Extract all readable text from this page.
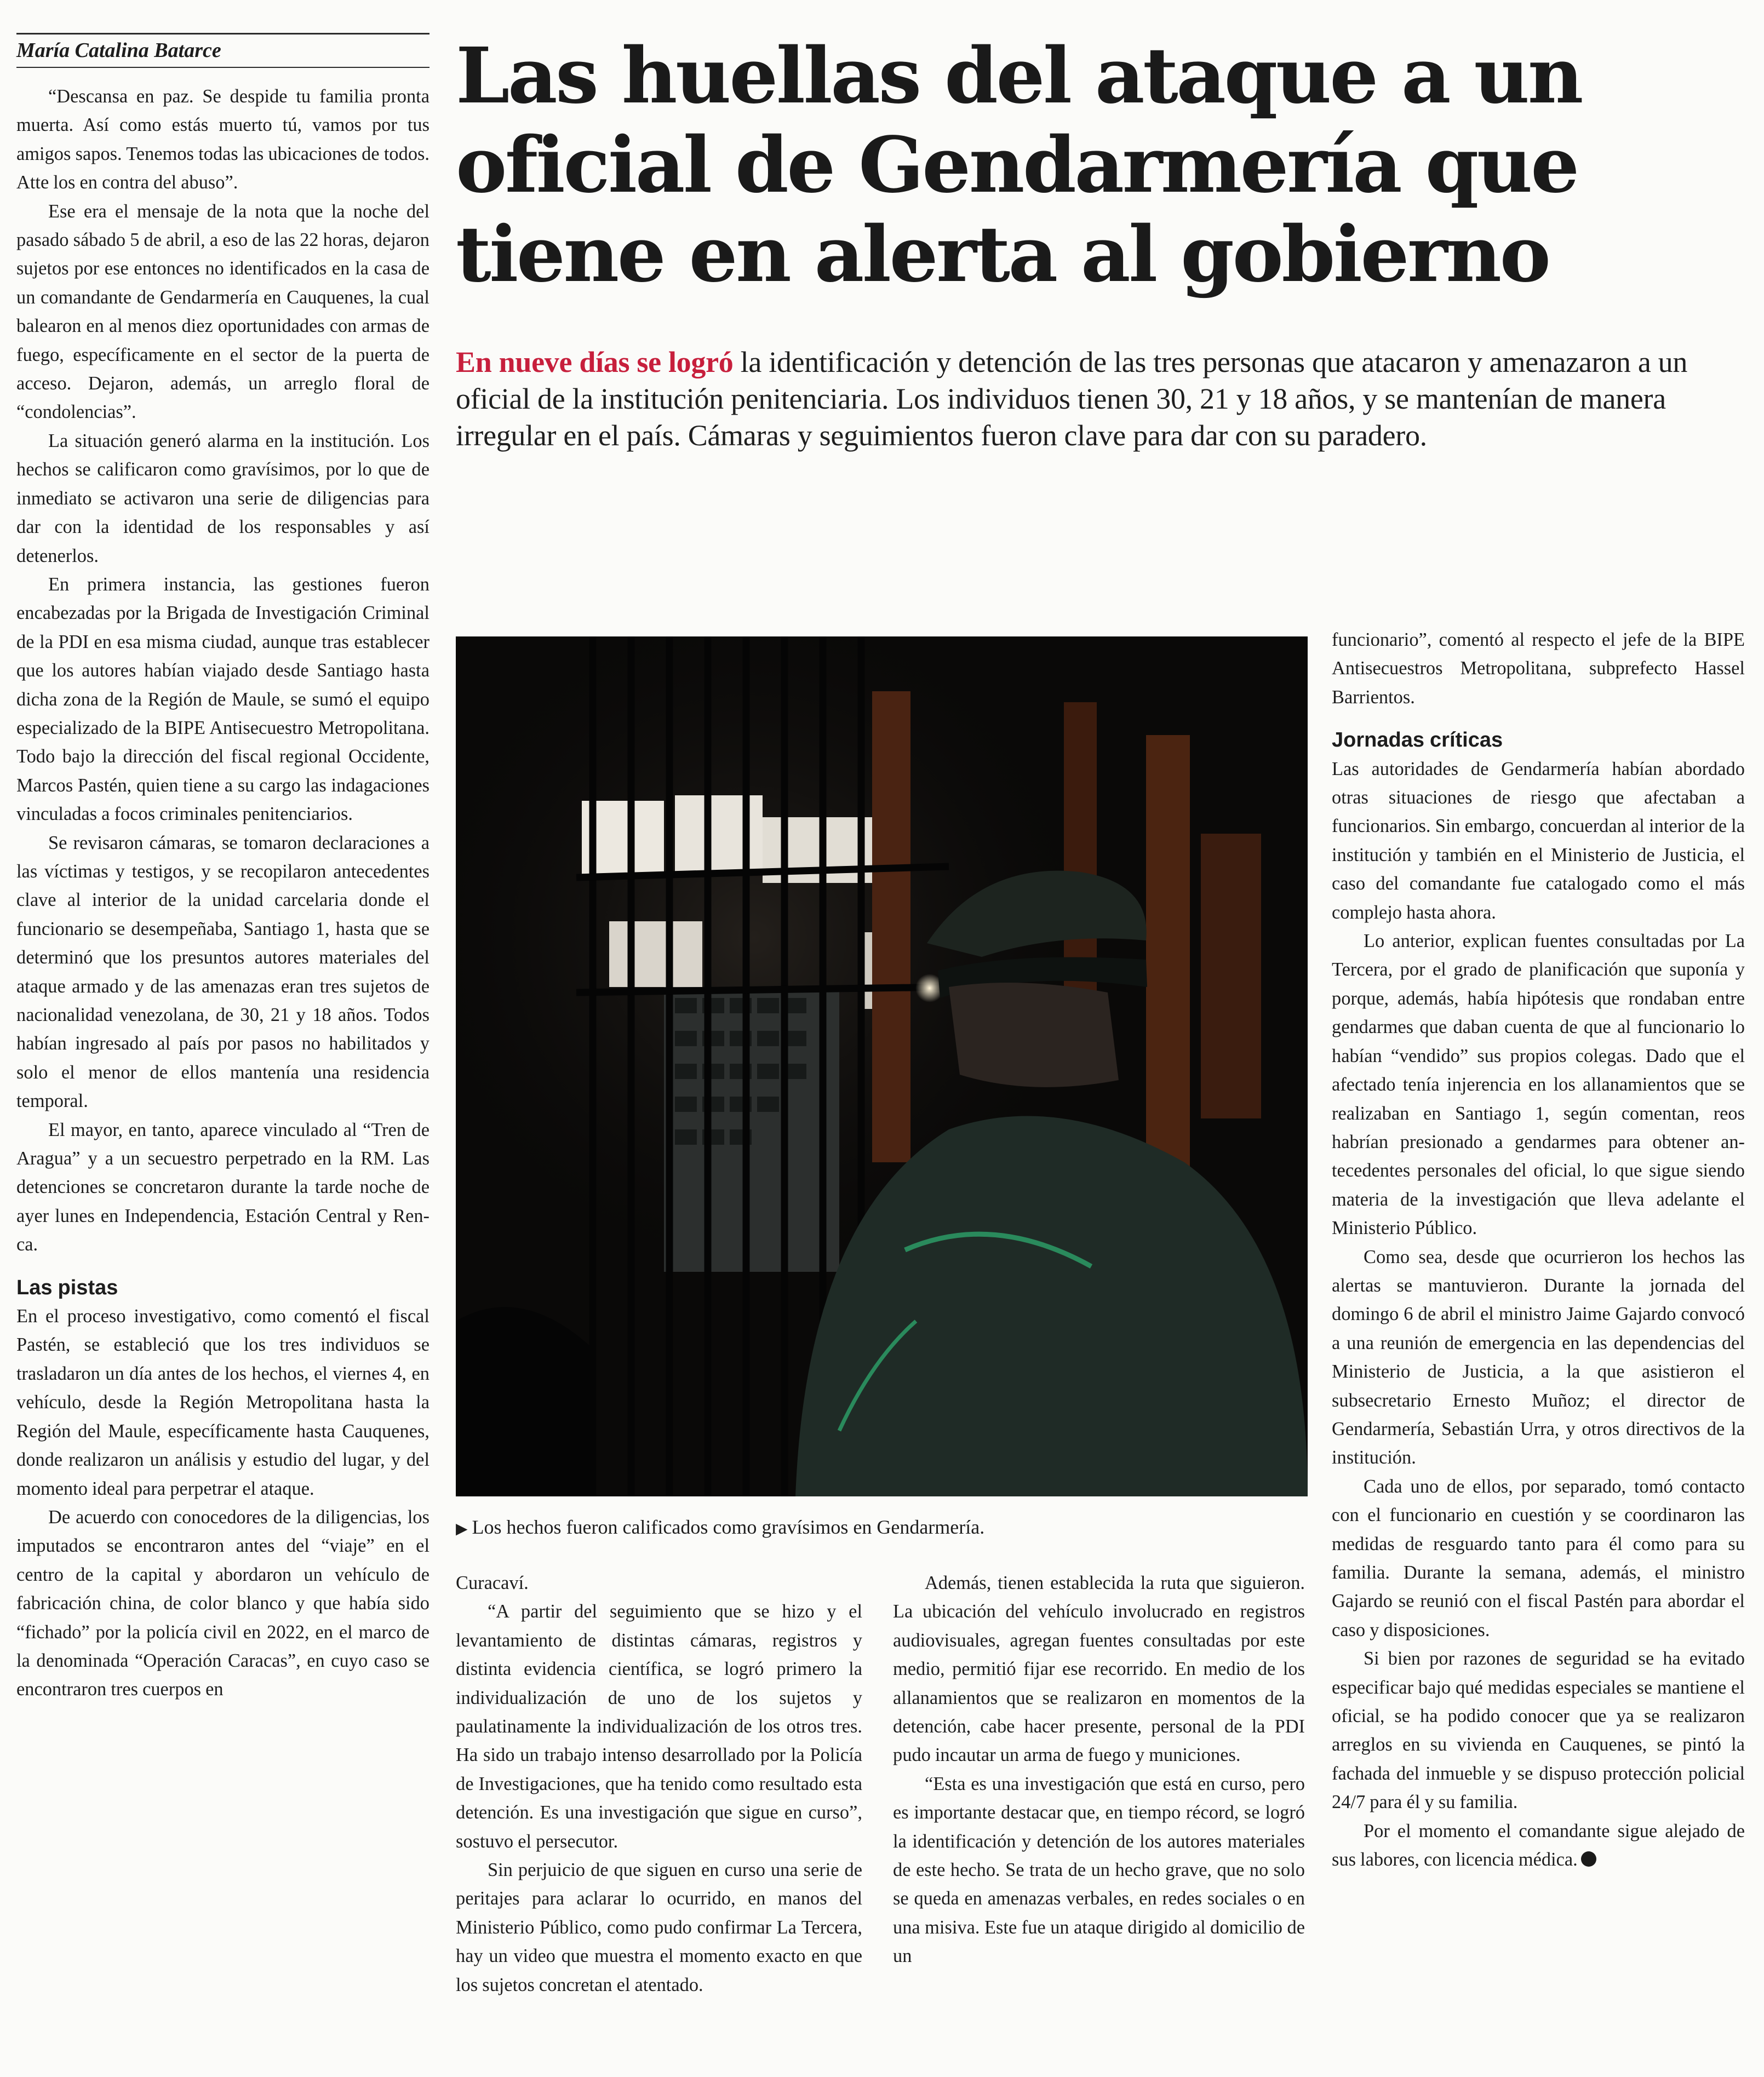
María Catalina Batarce	Las huellas del ataque a un
oficial de Gendarmería que
tiene en alerta al gobierno

En nueve días se logró la identificación y detención de las tres personas que atacaron y amenazaron a un oficial de la institución penitenciaria. Los individuos tienen 30, 21 y 18 años, y se mantenían de manera irregular en el país. Cámaras y seguimientos fueron clave para dar con su paradero.

“Descansa en paz. Se despide tu familia pronta muerta. Así como estás muerto tú, vamos por tus amigos sapos. Tenemos todas las ubicaciones de todos. Atte los en contra del abuso”.

Ese era el mensaje de la nota que la noche del pasado sábado 5 de abril, a eso de las 22 horas, dejaron sujetos por ese entonces no identificados en la casa de un comandante de Gendarmería en Cauquenes, la cual balearon en al menos diez oportunidades con armas de fuego, específicamente en el sector de la puerta de acceso. Dejaron, además, un arreglo floral de “condolencias”.

La situación generó alarma en la institución. Los hechos se calificaron como gravísimos, por lo que de inmediato se activaron una serie de diligencias para dar con la identidad de los responsables y así detenerlos.

En primera instancia, las gestiones fueron encabezadas por la Brigada de Investigación Criminal de la PDI en esa misma ciudad, aunque tras establecer que los autores habían viajado desde Santiago hasta dicha zona de la Región de Maule, se sumó el equipo especializado de la BIPE Antisecuestro Metropolitana. Todo bajo la dirección del fiscal regional Occidente, Marcos Pastén, quien tiene a su cargo las indagaciones vinculadas a focos criminales penitenciarios.

Se revisaron cámaras, se tomaron declaraciones a las víctimas y testigos, y se recopilaron antecedentes clave al interior de la unidad carcelaria donde el funcionario se desempeñaba, Santiago 1, hasta que se determinó que los presuntos autores materiales del ataque armado y de las amenazas eran tres sujetos de nacionalidad venezolana, de 30, 21 y 18 años. Todos habían ingresado al país por pasos no habilitados y solo el menor de ellos mantenía una residencia temporal.

El mayor, en tanto, aparece vinculado al “Tren de Aragua” y a un secuestro perpetrado en la RM. Las detenciones se concretaron durante la tarde noche de ayer lunes en Independencia, Estación Central y Renca.

Las pistas

En el proceso investigativo, como comentó el fiscal Pastén, se estableció que los tres individuos se trasladaron un día antes de los hechos, el viernes 4, en vehículo, desde la Región Metropolitana hasta la Región del Maule, específicamente hasta Cauquenes, donde realizaron un análisis y estudio del lugar, y del momento ideal para perpetrar el ataque.

De acuerdo con conocedores de la diligencias, los imputados se encontraron antes del “viaje” en el centro de la capital y abordaron un vehículo de fabricación china, de color blanco y que había sido “fichado” por la policía civil en 2022, en el marco de la denominada “Operación Caracas”, en cuyo caso se encontraron tres cuerpos en

▶ Los hechos fueron calificados como gravísimos en Gendarmería.

Curacaví.

“A partir del seguimiento que se hizo y el levantamiento de distintas cámaras, registros y distinta evidencia científica, se logró primero la individualización de uno de los sujetos y paulatinamente la individualización de los otros tres. Ha sido un trabajo intenso desarrollado por la Policía de Investigaciones, que ha tenido como resultado esta detención. Es una investigación que sigue en curso”, sostuvo el persecutor.

Sin perjuicio de que siguen en curso una serie de peritajes para aclarar lo ocurrido, en manos del Ministerio Público, como pudo confirmar La Tercera, hay un video que muestra el momento exacto en que los sujetos concretan el atentado.

Además, tienen establecida la ruta que siguieron. La ubicación del vehículo involucrado en registros audiovisuales, agregan fuentes consultadas por este medio, permitió fijar ese recorrido. En medio de los allanamientos que se realizaron en momentos de la detención, cabe hacer presente, personal de la PDI pudo incautar un arma de fuego y municiones.

“Esta es una investigación que está en curso, pero es importante destacar que, en tiempo récord, se logró la identificación y detención de los autores materiales de este hecho. Se trata de un hecho grave, que no solo se queda en amenazas verbales, en redes sociales o en una misiva. Este fue un ataque dirigido al domicilio de un

funcionario”, comentó al respecto el jefe de la BIPE Antisecuestros Metropolitana, subprefecto Hassel Barrientos.

Jornadas críticas

Las autoridades de Gendarmería habían abordado otras situaciones de riesgo que afectaban a funcionarios. Sin embargo, concuerdan al interior de la institución y también en el Ministerio de Justicia, el caso del comandante fue catalogado como el más complejo hasta ahora.

Lo anterior, explican fuentes consultadas por La Tercera, por el grado de planificación que suponía y porque, además, había hipótesis que rondaban entre gendarmes que daban cuenta de que al funcionario lo habían “vendido” sus propios colegas. Dado que el afectado tenía injerencia en los allanamientos que se realizaban en Santiago 1, según comentan, reos habrían presionado a gendarmes para obtener antecedentes personales del oficial, lo que sigue siendo materia de la investigación que lleva adelante el Ministerio Público.

Como sea, desde que ocurrieron los hechos las alertas se mantuvieron. Durante la jornada del domingo 6 de abril el ministro Jaime Gajardo convocó a una reunión de emergencia en las dependencias del Ministerio de Justicia, a la que asistieron el subsecretario Ernesto Muñoz; el director de Gendarmería, Sebastián Urra, y otros directivos de la institución.

Cada uno de ellos, por separado, tomó contacto con el funcionario en cuestión y se coordinaron las medidas de resguardo tanto para él como para su familia. Durante la semana, además, el ministro Gajardo se reunió con el fiscal Pastén para abordar el caso y disposiciones.

Si bien por razones de seguridad se ha evitado especificar bajo qué medidas especiales se mantiene el oficial, se ha podido conocer que ya se realizaron arreglos en su vivienda en Cauquenes, se pintó la fachada del inmueble y se dispuso protección policial 24/7 para él y su familia.

Por el momento el comandante sigue alejado de sus labores, con licencia médica.
